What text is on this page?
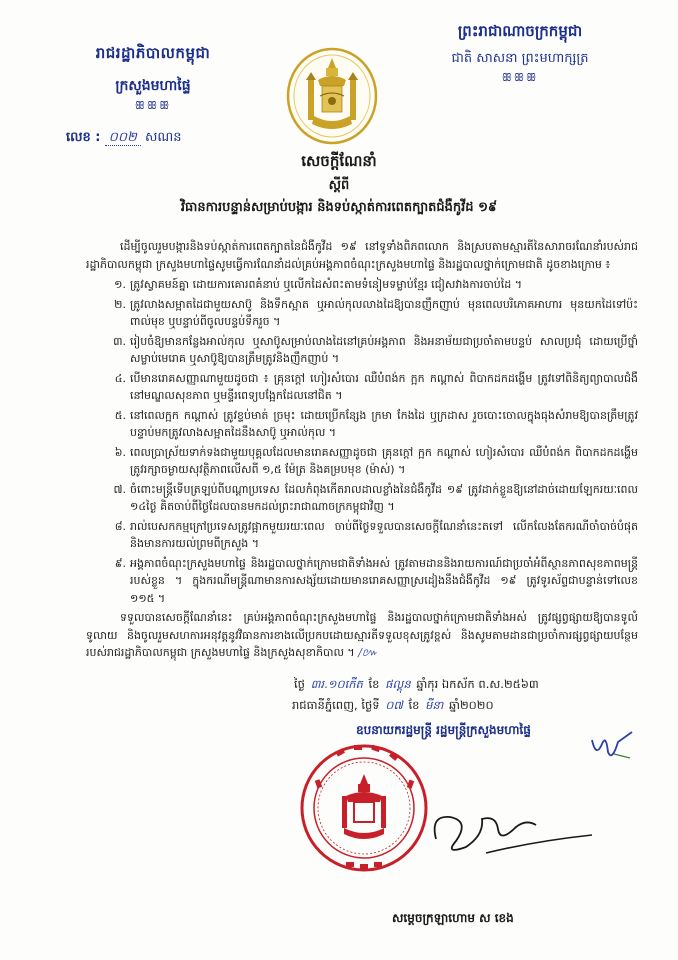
រាជរដ្ឋាភិបាលកម្ពុជា
ក្រសួងមហាផ្ទៃ
ꕥꕥꕥ
លេខ : ០០២ សណន
ព្រះរាជាណាចក្រកម្ពុជា
ជាតិ សាសនា ព្រះមហាក្សត្រ
ꕥꕥꕥ
សេចក្តីណែនាំ
ស្តីពី
វិធានការបន្ទាន់សម្រាប់បង្ការ និងទប់ស្កាត់ការពេតក្បាតជំងឺកូវីដ ១៩

ដើម្បីចូលរួមបង្ការនិងទប់ស្កាត់ការពេតក្បាតនៃជំងឺកូវីដ ១៩ នៅទូទាំងពិភពលោក និងស្របតាមស្មារតីនៃសារាចរណែនាំរបស់រាជរដ្ឋាភិបាលកម្ពុជា ក្រសួងមហាផ្ទៃសូមធ្វើការណែនាំដល់គ្រប់អង្គភាពចំណុះក្រសួងមហាផ្ទៃ និងរដ្ឋបាលថ្នាក់ក្រោមជាតិ ដូចខាងក្រោម ៖

១. ត្រូវស្វាគមន៍គ្នា ដោយការគោរពគំនាប់ ឬលើកដៃសំពះតាមទំនៀមទម្លាប់ខ្មែរ ជៀសវាងការចាប់ដៃ ។
២. ត្រូវលាងសម្អាតដៃជាមួយសាប៊ូ និងទឹកស្អាត ឬអាល់កុលលាងដៃឱ្យបានញឹកញាប់ មុនពេលបរិភោគអាហារ មុនយកដៃទៅប៉ះពាល់មុខ ឬបន្ទាប់ពីចូលបន្ទប់ទឹករួច ។
៣. រៀបចំឱ្យមានកន្លែងអាល់កុល ឬសាប៊ូសម្រាប់លាងដៃនៅគ្រប់អង្គភាព និងអនាម័យជាប្រចាំតាមបន្ទប់ សាលប្រជុំ ដោយប្រើថ្នាំសម្លាប់មេរោគ ឬសាប៊ូឱ្យបានត្រឹមត្រូវនិងញឹកញាប់ ។
៤. បើមានរោគសញ្ញាណាមួយដូចជា ៖ គ្រុនក្តៅ ហៀរសំបោរ ឈឺបំពង់ក ក្អក កណ្តាស់ ពិបាកដកដង្ហើម ត្រូវទៅពិនិត្យព្យាបាលជំងឺនៅមណ្ឌលសុខភាព ឬមន្ទីរពេទ្យបង្អែកដែលនៅជិត ។
៥. នៅពេលក្អក កណ្តាស់ ត្រូវខ្ទប់មាត់ ច្រមុះ ដោយប្រើកន្សែង ក្រមា កែងដៃ ឬក្រដាស រួចបោះចោលក្នុងធុងសំរាមឱ្យបានត្រឹមត្រូវ បន្ទាប់មកត្រូវលាងសម្អាតដៃនឹងសាប៊ូ ឬអាល់កុល ។
៦. ពេលប្រាស្រ័យទាក់ទងជាមួយបុគ្គលដែលមានរោគសញ្ញាដូចជា គ្រុនក្តៅ ក្អក កណ្តាស់ ហៀរសំបោរ ឈឺបំពង់ក ពិបាកដកដង្ហើម ត្រូវរក្សាចម្ងាយសុវត្ថិភាពលើសពី ១,៥ ម៉ែត្រ និងគម្របមុខ (ម៉ាស់) ។
៧. ចំពោះមន្ត្រីទើបត្រឡប់ពីបណ្តាប្រទេស ដែលកំពុងកើតរាលដាលខ្លាំងនៃជំងឺកូវីដ ១៩ ត្រូវដាក់ខ្លួនឱ្យនៅដាច់ដោយឡែករយៈពេល ១៤ថ្ងៃ គិតចាប់ពីថ្ងៃដែលបានមកដល់ព្រះរាជាណាចក្រកម្ពុជាវិញ ។
៨. រាល់បេសកកម្មក្រៅប្រទេសត្រូវផ្អាកមួយរយៈពេល ចាប់ពីថ្ងៃទទួលបានសេចក្តីណែនាំនេះតទៅ លើកលែងតែករណីចាំបាច់បំផុត និងមានការយល់ព្រមពីក្រសួង ។
៩. អង្គភាពចំណុះក្រសួងមហាផ្ទៃ និងរដ្ឋបាលថ្នាក់ក្រោមជាតិទាំងអស់ ត្រូវតាមដាននិងរាយការណ៍ជាប្រចាំអំពីស្ថានភាពសុខភាពមន្ត្រីរបស់ខ្លួន ។ ក្នុងករណីមន្ត្រីណាមានការសង្ស័យដោយមានរោគសញ្ញាស្រដៀងនឹងជំងឺកូវីដ ១៩ ត្រូវទូរស័ព្ទជាបន្ទាន់ទៅលេខ ១១៥ ។

ទទួលបានសេចក្តីណែនាំនេះ គ្រប់អង្គភាពចំណុះក្រសួងមហាផ្ទៃ និងរដ្ឋបាលថ្នាក់ក្រោមជាតិទាំងអស់ ត្រូវផ្សព្វផ្សាយឱ្យបានទូលំទូលាយ និងចូលរួមសហការអនុវត្តនូវវិធានការខាងលើប្រកបដោយស្មារតីទទួលខុសត្រូវខ្ពស់ និងសូមតាមដានជាប្រចាំការផ្សព្វផ្សាយបន្ថែមរបស់រាជរដ្ឋាភិបាលកម្ពុជា ក្រសួងមហាផ្ទៃ និងក្រសួងសុខាភិបាល ។ /៚

ថ្ងៃ ៣រ.១០កើត ខែ ផល្គុន ឆ្នាំកុរ ឯកស័ក ព.ស.២៥៦៣
រាជធានីភ្នំពេញ, ថ្ងៃទី ០៧ ខែ មីនា ឆ្នាំ២០២០
ឧបនាយករដ្ឋមន្ត្រី រដ្ឋមន្ត្រីក្រសួងមហាផ្ទៃ
សម្តេចក្រឡាហោម ស ខេង
